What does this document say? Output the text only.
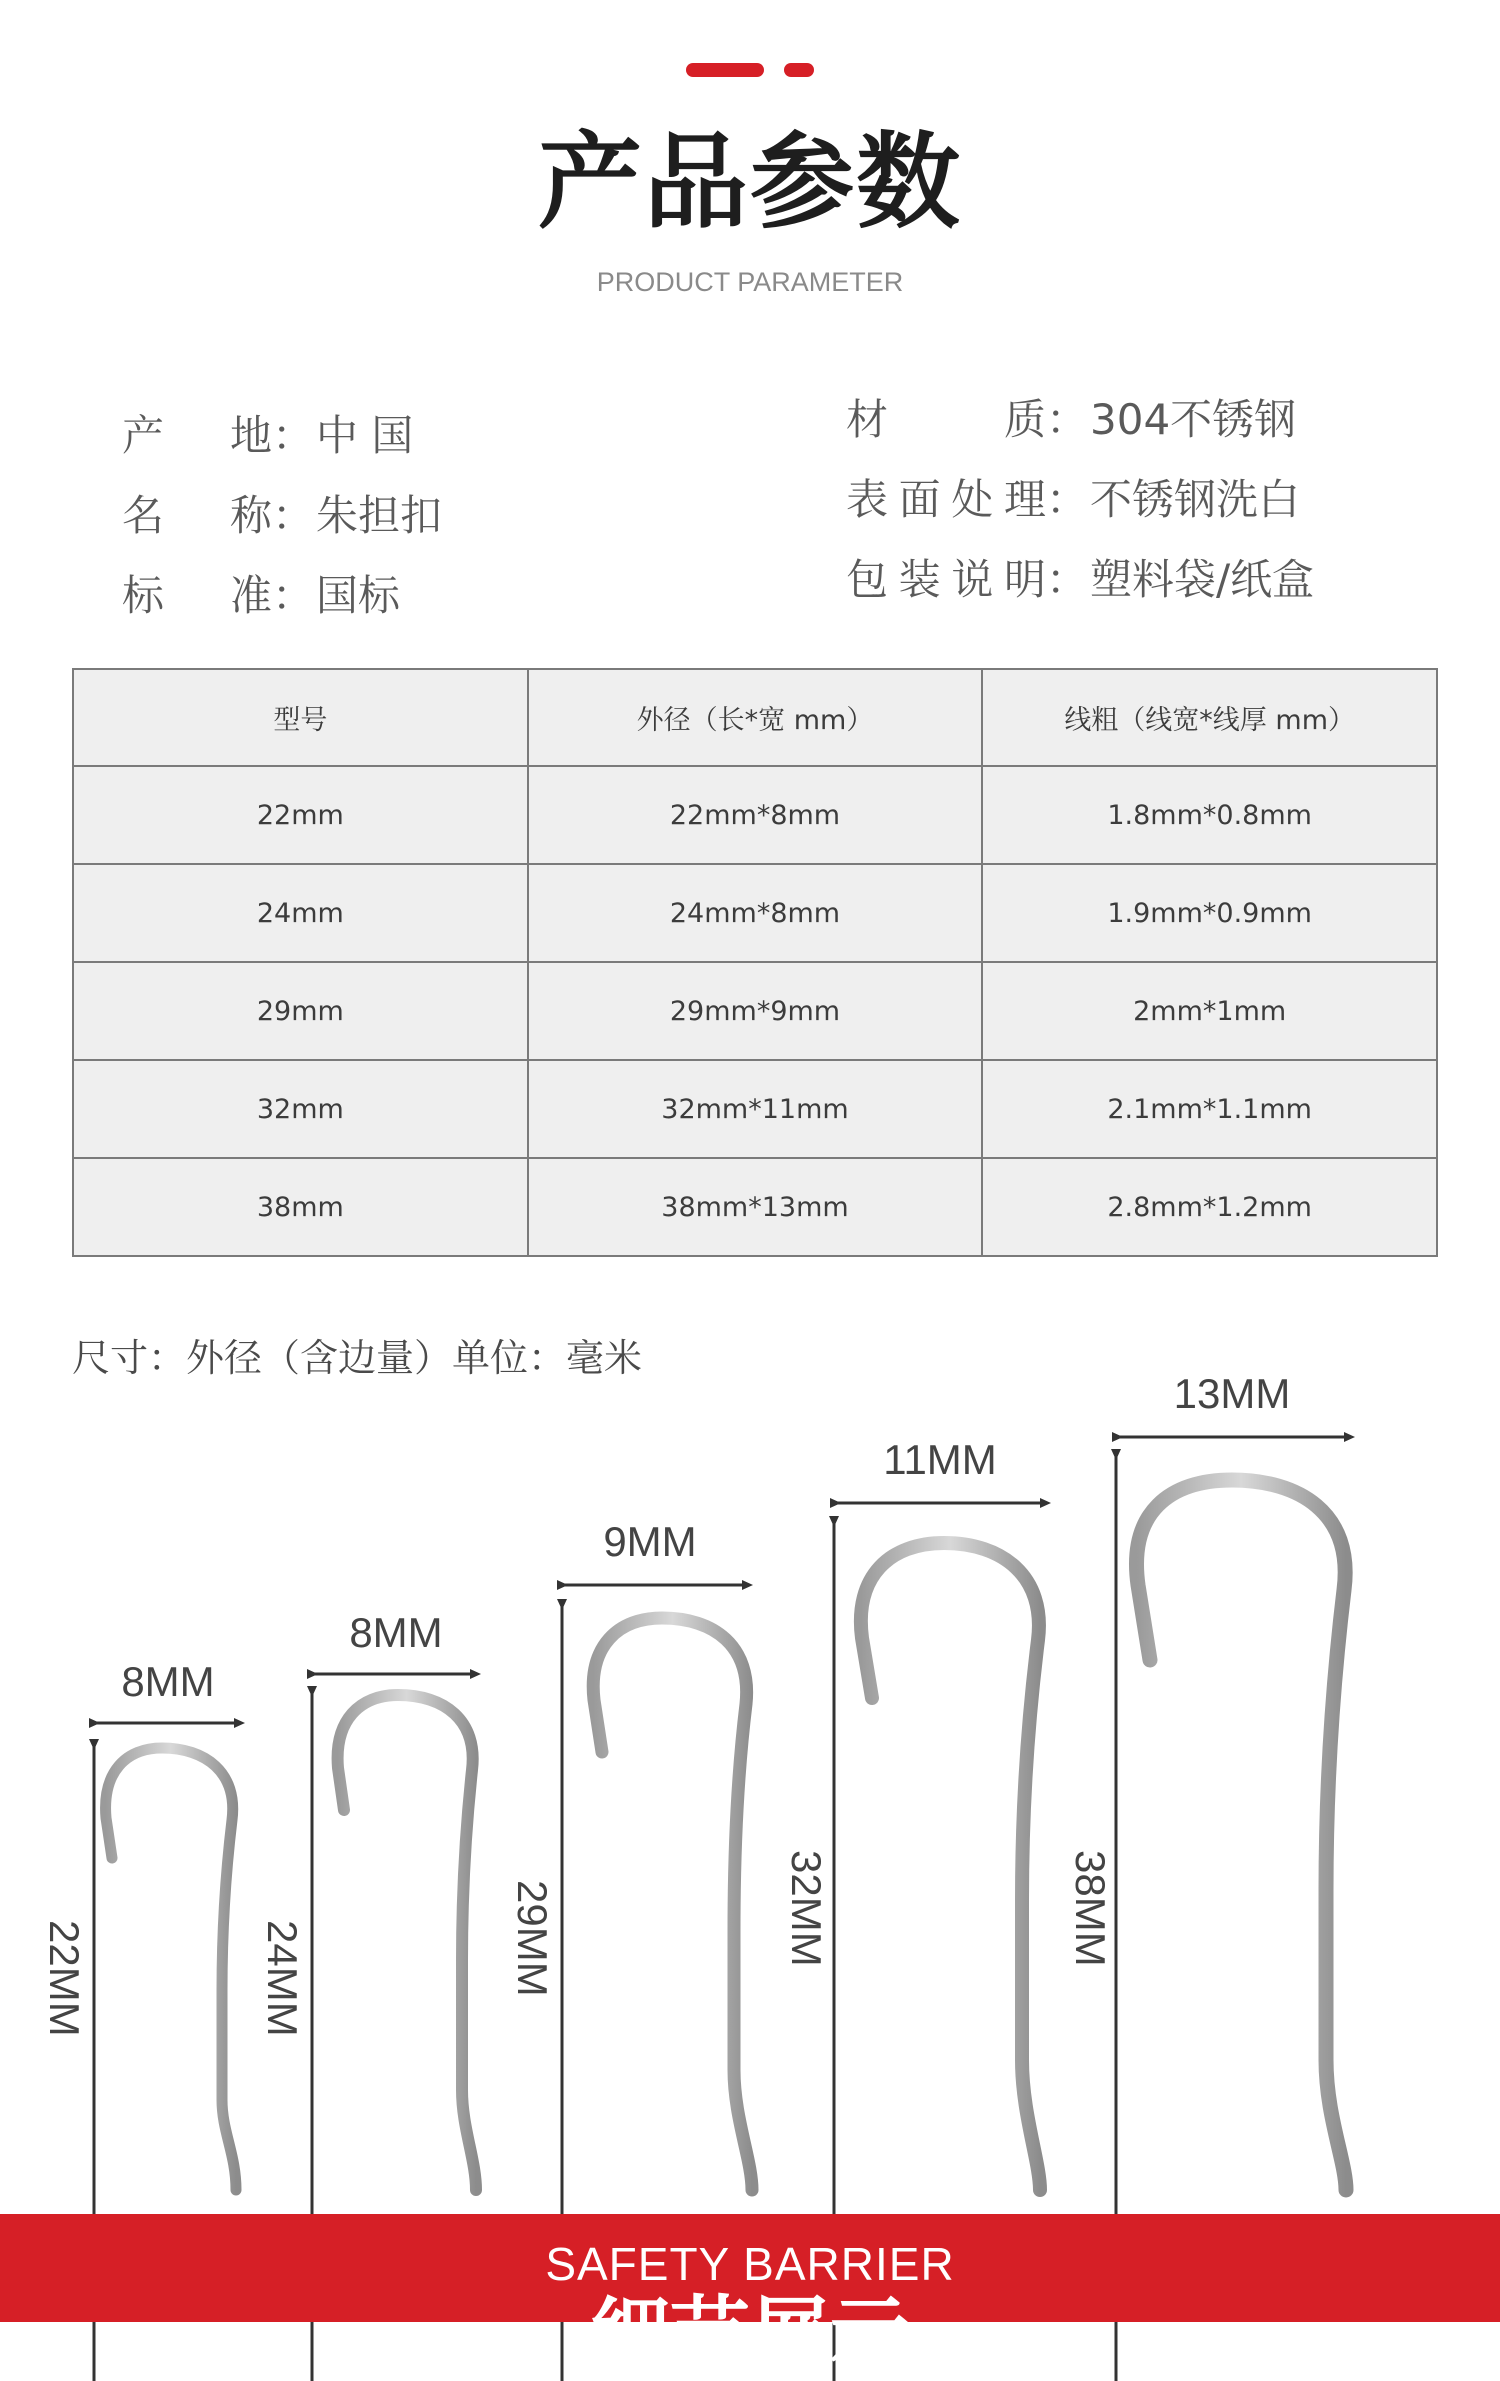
产品参数
PRODUCT PARAMETER
产地：中 国
名称：朱担扣
标准：国标
材质：304不锈钢
表面处理：不锈钢洗白
包装说明：塑料袋/纸盒
型号	外径（长*宽 mm）	线粗（线宽*线厚 mm）
22mm	22mm*8mm	1.8mm*0.8mm
24mm	24mm*8mm	1.9mm*0.9mm
29mm	29mm*9mm	2mm*1mm
32mm	32mm*11mm	2.1mm*1.1mm
38mm	38mm*13mm	2.8mm*1.2mm
尺寸：外径（含边量）单位：毫米
8MM
22MM
8MM
24MM
9MM
29MM
11MM
32MM
13MM
38MM
SAFETY BARRIER
细节展示
